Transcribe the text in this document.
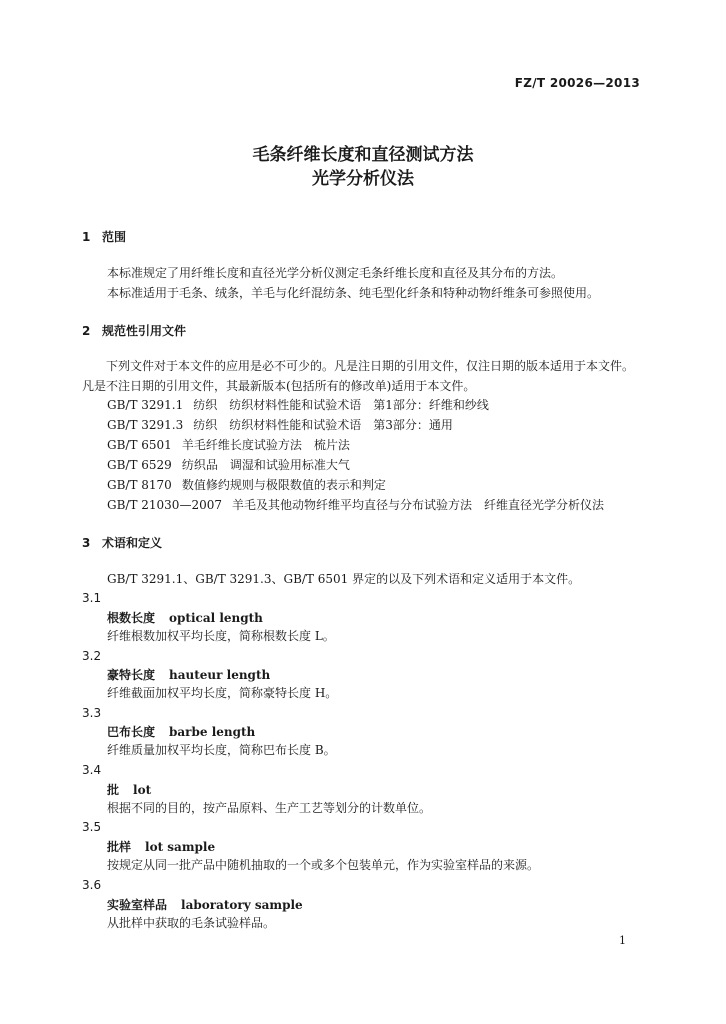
FZ/T 20026—2013
毛条纤维长度和直径测试方法
光学分析仪法
1 范围
本标准规定了用纤维长度和直径光学分析仪测定毛条纤维长度和直径及其分布的方法。
本标准适用于毛条、绒条，羊毛与化纤混纺条、纯毛型化纤条和特种动物纤维条可参照使用。
2 规范性引用文件

下列文件对于本文件的应用是必不可少的。凡是注日期的引用文件，仅注日期的版本适用于本文件。凡是不注日期的引用文件，其最新版本(包括所有的修改单)适用于本文件。

GB/T 3291.1 纺织　纺织材料性能和试验术语　第1部分：纤维和纱线
GB/T 3291.3 纺织　纺织材料性能和试验术语　第3部分：通用
GB/T 6501 羊毛纤维长度试验方法　梳片法
GB/T 6529 纺织品　调湿和试验用标准大气
GB/T 8170 数值修约规则与极限数值的表示和判定
GB/T 21030—2007 羊毛及其他动物纤维平均直径与分布试验方法　纤维直径光学分析仪法
3 术语和定义
GB/T 3291.1、GB/T 3291.3、GB/T 6501 界定的以及下列术语和定义适用于本文件。
3.1
根数长度 optical length
纤维根数加权平均长度，简称根数长度 L。
3.2
豪特长度 hauteur length
纤维截面加权平均长度，简称豪特长度 H。
3.3
巴布长度 barbe length
纤维质量加权平均长度，简称巴布长度 B。
3.4
批 lot
根据不同的目的，按产品原料、生产工艺等划分的计数单位。
3.5
批样 lot sample
按规定从同一批产品中随机抽取的一个或多个包装单元，作为实验室样品的来源。
3.6
实验室样品 laboratory sample
从批样中获取的毛条试验样品。
1
